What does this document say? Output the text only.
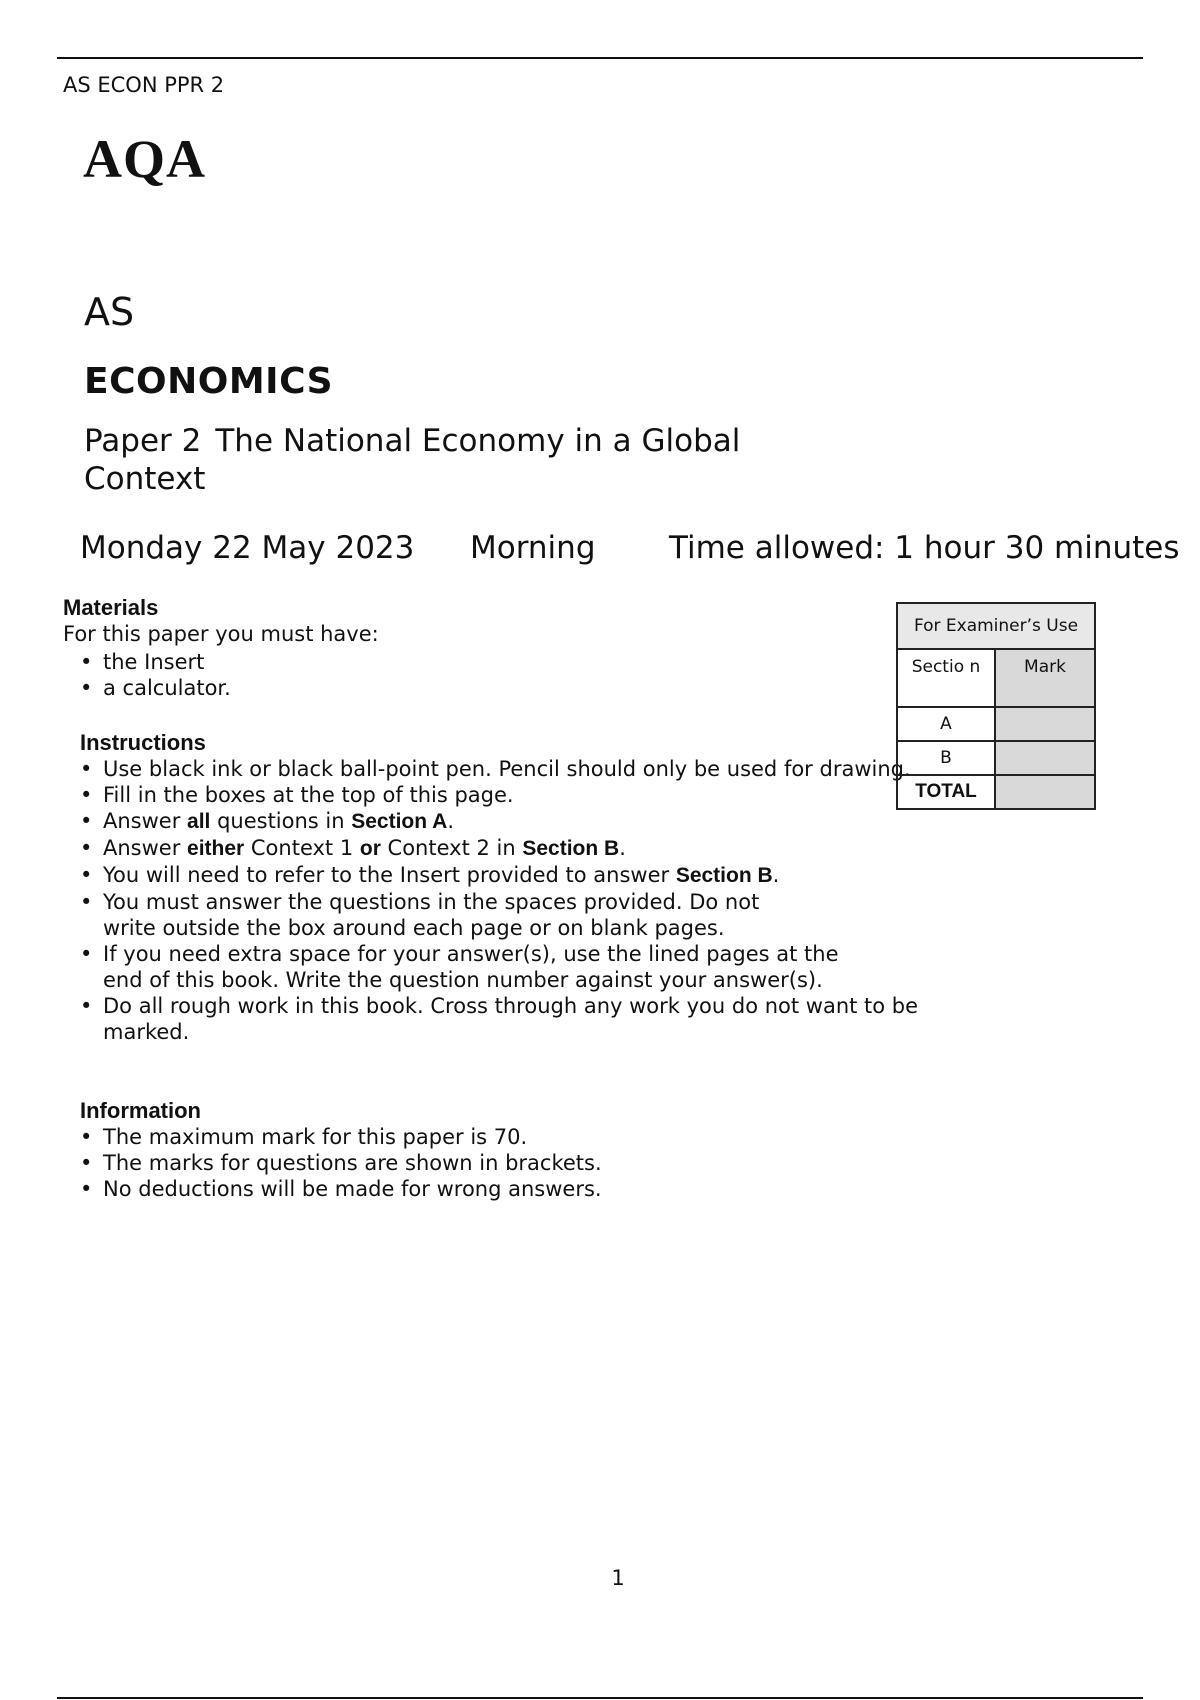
AS ECON PPR 2
AQA
AS
ECONOMICS
Paper 2 The National Economy in a Global Context
Monday 22 May 2023 Morning Time allowed: 1 hour 30 minutes
Materials
For this paper you must have:
• the Insert
• a calculator.
Instructions
• Use black ink or black ball-point pen. Pencil should only be used for drawing.
• Fill in the boxes at the top of this page.
• Answer all questions in Section A.
• Answer either Context 1 or Context 2 in Section B.
• You will need to refer to the Insert provided to answer Section B.
• You must answer the questions in the spaces provided. Do not write outside the box around each page or on blank pages.
• If you need extra space for your answer(s), use the lined pages at the end of this book. Write the question number against your answer(s).
• Do all rough work in this book. Cross through any work you do not want to be marked.
Information
• The maximum mark for this paper is 70.
• The marks for questions are shown in brackets.
• No deductions will be made for wrong answers.
For Examiner’s Use	
Sectio n	Mark
A	
B	
TOTAL	
1
